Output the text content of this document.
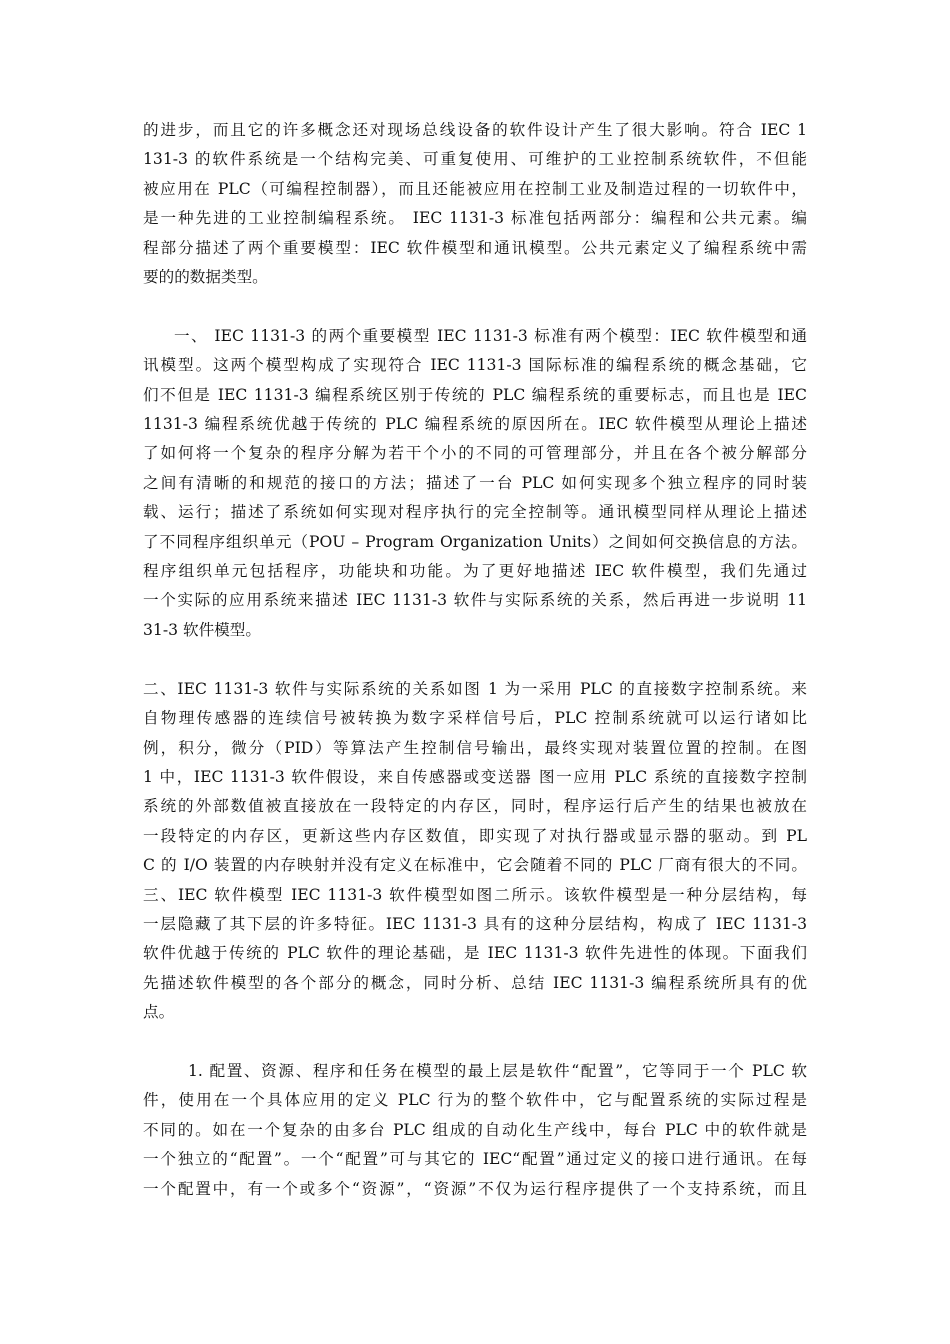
的进步，而且它的许多概念还对现场总线设备的软件设计产生了很大影响。符合 IEC 1
131-3 的软件系统是一个结构完美、可重复使用、可维护的工业控制系统软件，不但能
被应用在 PLC（可编程控制器），而且还能被应用在控制工业及制造过程的一切软件中，
是一种先进的工业控制编程系统。 IEC 1131-3 标准包括两部分：编程和公共元素。编
程部分描述了两个重要模型：IEC 软件模型和通讯模型。公共元素定义了编程系统中需
要的的数据类型。
一、 IEC 1131-3 的两个重要模型 IEC 1131-3 标准有两个模型：IEC 软件模型和通
讯模型。这两个模型构成了实现符合 IEC 1131-3 国际标准的编程系统的概念基础，它
们不但是 IEC 1131-3 编程系统区别于传统的 PLC 编程系统的重要标志，而且也是 IEC
1131-3 编程系统优越于传统的 PLC 编程系统的原因所在。IEC 软件模型从理论上描述
了如何将一个复杂的程序分解为若干个小的不同的可管理部分，并且在各个被分解部分
之间有清晰的和规范的接口的方法；描述了一台 PLC 如何实现多个独立程序的同时装
载、运行；描述了系统如何实现对程序执行的完全控制等。通讯模型同样从理论上描述
了不同程序组织单元（POU – Program Organization Units）之间如何交换信息的方法。
程序组织单元包括程序，功能块和功能。为了更好地描述 IEC 软件模型，我们先通过
一个实际的应用系统来描述 IEC 1131-3 软件与实际系统的关系，然后再进一步说明 11
31-3 软件模型。
二、IEC 1131-3 软件与实际系统的关系如图 1 为一采用 PLC 的直接数字控制系统。来
自物理传感器的连续信号被转换为数字采样信号后，PLC 控制系统就可以运行诸如比
例，积分，微分（PID）等算法产生控制信号输出，最终实现对装置位置的控制。在图
1 中，IEC 1131-3 软件假设，来自传感器或变送器 图一应用 PLC 系统的直接数字控制
系统的外部数值被直接放在一段特定的内存区，同时，程序运行后产生的结果也被放在
一段特定的内存区，更新这些内存区数值，即实现了对执行器或显示器的驱动。到 PL
C 的 I/O 装置的内存映射并没有定义在标准中，它会随着不同的 PLC 厂商有很大的不同。
三、IEC 软件模型 IEC 1131-3 软件模型如图二所示。该软件模型是一种分层结构，每
一层隐藏了其下层的许多特征。IEC 1131-3 具有的这种分层结构，构成了 IEC 1131-3
软件优越于传统的 PLC 软件的理论基础，是 IEC 1131-3 软件先进性的体现。下面我们
先描述软件模型的各个部分的概念，同时分析、总结 IEC 1131-3 编程系统所具有的优
点。
1. 配置、资源、程序和任务在模型的最上层是软件“配置”，它等同于一个 PLC 软
件，使用在一个具体应用的定义 PLC 行为的整个软件中，它与配置系统的实际过程是
不同的。如在一个复杂的由多台 PLC 组成的自动化生产线中，每台 PLC 中的软件就是
一个独立的“配置”。一个“配置”可与其它的 IEC“配置”通过定义的接口进行通讯。在每
一个配置中，有一个或多个“资源”，“资源”不仅为运行程序提供了一个支持系统，而且
